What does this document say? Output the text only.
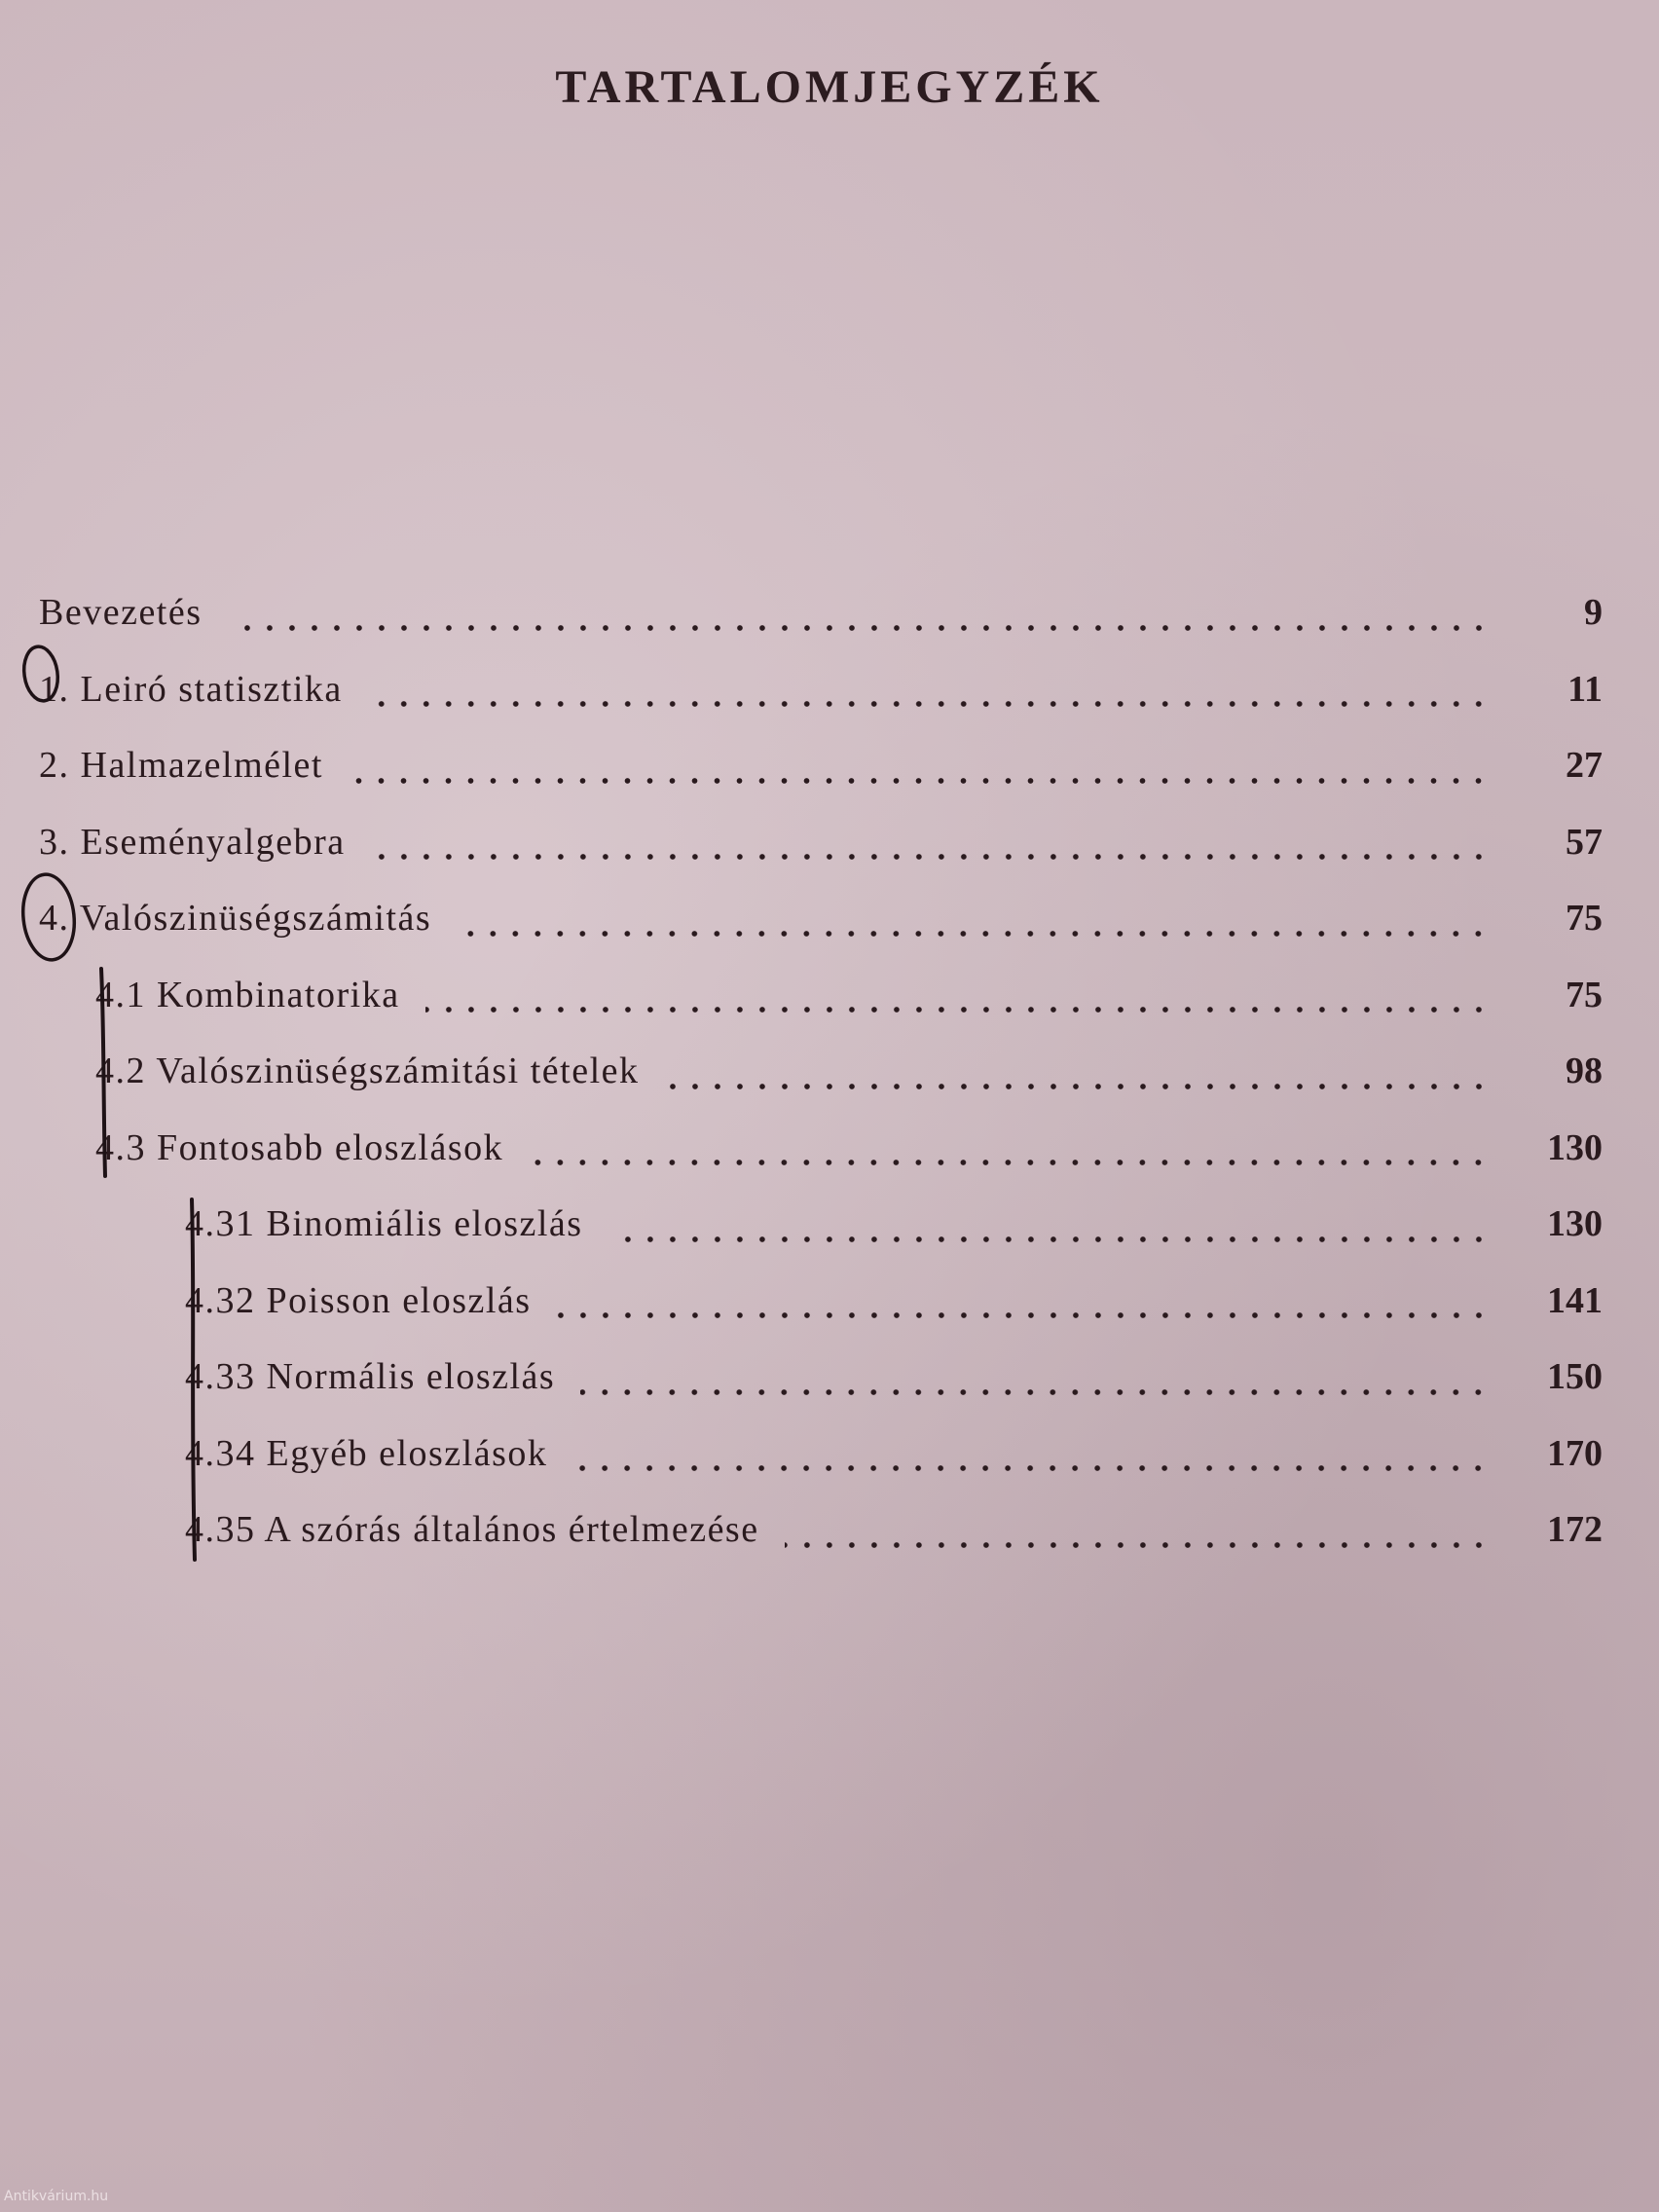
TARTALOMJEGYZÉK
Bevezetés	9
1. Leiró statisztika	11
2. Halmazelmélet	27
3. Eseményalgebra	57
4. Valószinüségszámitás	75
4.1 Kombinatorika	75
4.2 Valószinüségszámitási tételek	98
4.3 Fontosabb eloszlások	130
4.31 Binomiális eloszlás	130
4.32 Poisson eloszlás	141
4.33 Normális eloszlás	150
4.34 Egyéb eloszlások	170
4.35 A szórás általános értelmezése	172
Antikvárium.hu
